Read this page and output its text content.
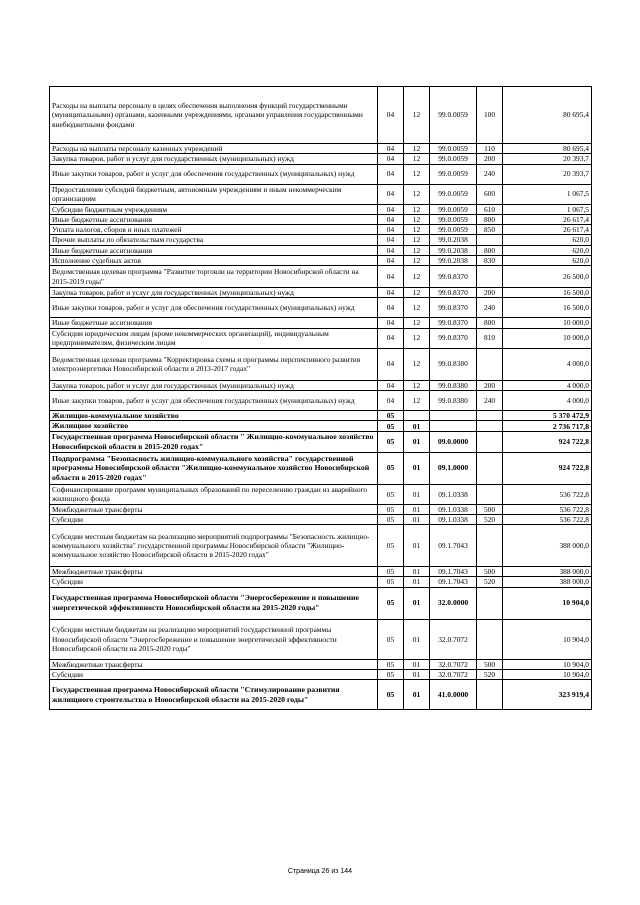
Расходы на выплаты персоналу в целях обеспечения выполнения функций государственными (муниципальными) органами, казенными учреждениями, органами управления государственными внебюджетными фондами	04	12	99.0.0059	100	80 695,4
Расходы на выплаты персоналу казенных учреждений	04	12	99.0.0059	110	80 695,4
Закупка товаров, работ и услуг для государственных (муниципальных) нужд	04	12	99.0.0059	200	20 393,7
Иные закупки товаров, работ и услуг для обеспечения государственных (муниципальных) нужд	04	12	99.0.0059	240	20 393,7
Предоставление субсидий бюджетным, автономным учреждениям и иным некоммерческим организациям	04	12	99.0.0059	600	1 067,5
Субсидии бюджетным учреждениям	04	12	99.0.0059	610	1 067,5
Иные бюджетные ассигнования	04	12	99.0.0059	800	26 617,4
Уплата налогов, сборов и иных платежей	04	12	99.0.0059	850	26 617,4
Прочие выплаты по обязательствам государства	04	12	99.0.2038		620,0
Иные бюджетные ассигнования	04	12	99.0.2038	800	620,0
Исполнение судебных актов	04	12	99.0.2038	830	620,0
Ведомственная целевая программа "Развитие торговли на территории Новосибирской области на 2015-2019 годы"	04	12	99.0.8370		26 500,0
Закупка товаров, работ и услуг для государственных (муниципальных) нужд	04	12	99.0.8370	200	16 500,0
Иные закупки товаров, работ и услуг для обеспечения государственных (муниципальных) нужд	04	12	99.0.8370	240	16 500,0
Иные бюджетные ассигнования	04	12	99.0.8370	800	10 000,0
Субсидии юридическим лицам (кроме некоммерческих организаций), индивидуальным предпринимателям, физическим лицам	04	12	99.0.8370	810	10 000,0
Ведомственная целевая программа "Корректировка схемы и программы перспективного развития электроэнергетики Новосибирской области в 2013-2017 годах"	04	12	99.0.8380		4 000,0
Закупка товаров, работ и услуг для государственных (муниципальных) нужд	04	12	99.0.8380	200	4 000,0
Иные закупки товаров, работ и услуг для обеспечения государственных (муниципальных) нужд	04	12	99.0.8380	240	4 000,0
Жилищно-коммунальное хозяйство	05				5 370 472,9
Жилищное хозяйство	05	01			2 736 717,8
Государственная программа Новосибирской области " Жилищно-коммунальное хозяйство Новосибирской области в 2015-2020 годах"	05	01	09.0.0000		924 722,8
Подпрограмма "Безопасность жилищно-коммунального хозяйства" государственной программы Новосибирской области "Жилищно-коммунальное хозяйство Новосибирской области в 2015-2020 годах"	05	01	09.1.0000		924 722,8
Софинансирование программ муниципальных образований по переселению граждан из аварийного жилищного фонда	05	01	09.1.0338		536 722,8
Межбюджетные трансферты	05	01	09.1.0338	500	536 722,8
Субсидии	05	01	09.1.0338	520	536 722,8
Субсидии местным бюджетам на реализацию мероприятий подпрограммы "Безопасность жилищно-коммунального хозяйства" государственной программы Новосибирской области "Жилищно-коммунальное хозяйство Новосибирской области в 2015-2020 годах"	05	01	09.1.7043		388 000,0
Межбюджетные трансферты	05	01	09.1.7043	500	388 000,0
Субсидии	05	01	09.1.7043	520	388 000,0
Государственная программа Новосибирской области "Энергосбережение и повышение энергетической эффективности Новосибирской области на 2015-2020 годы"	05	01	32.0.0000		10 904,0
Субсидии местным бюджетам на реализацию мероприятий государственной программы Новосибирской области "Энергосбережение и повышение энергетической эффективности Новосибирской области на 2015-2020 годы"	05	01	32.0.7072		10 904,0
Межбюджетные трансферты	05	01	32.0.7072	500	10 904,0
Субсидии	05	01	32.0.7072	520	10 904,0
Государственная программа Новосибирской области "Стимулирование развития жилищного строительства в Новосибирской области на 2015-2020 годы"	05	01	41.0.0000		323 919,4
Страница 26 из 144
